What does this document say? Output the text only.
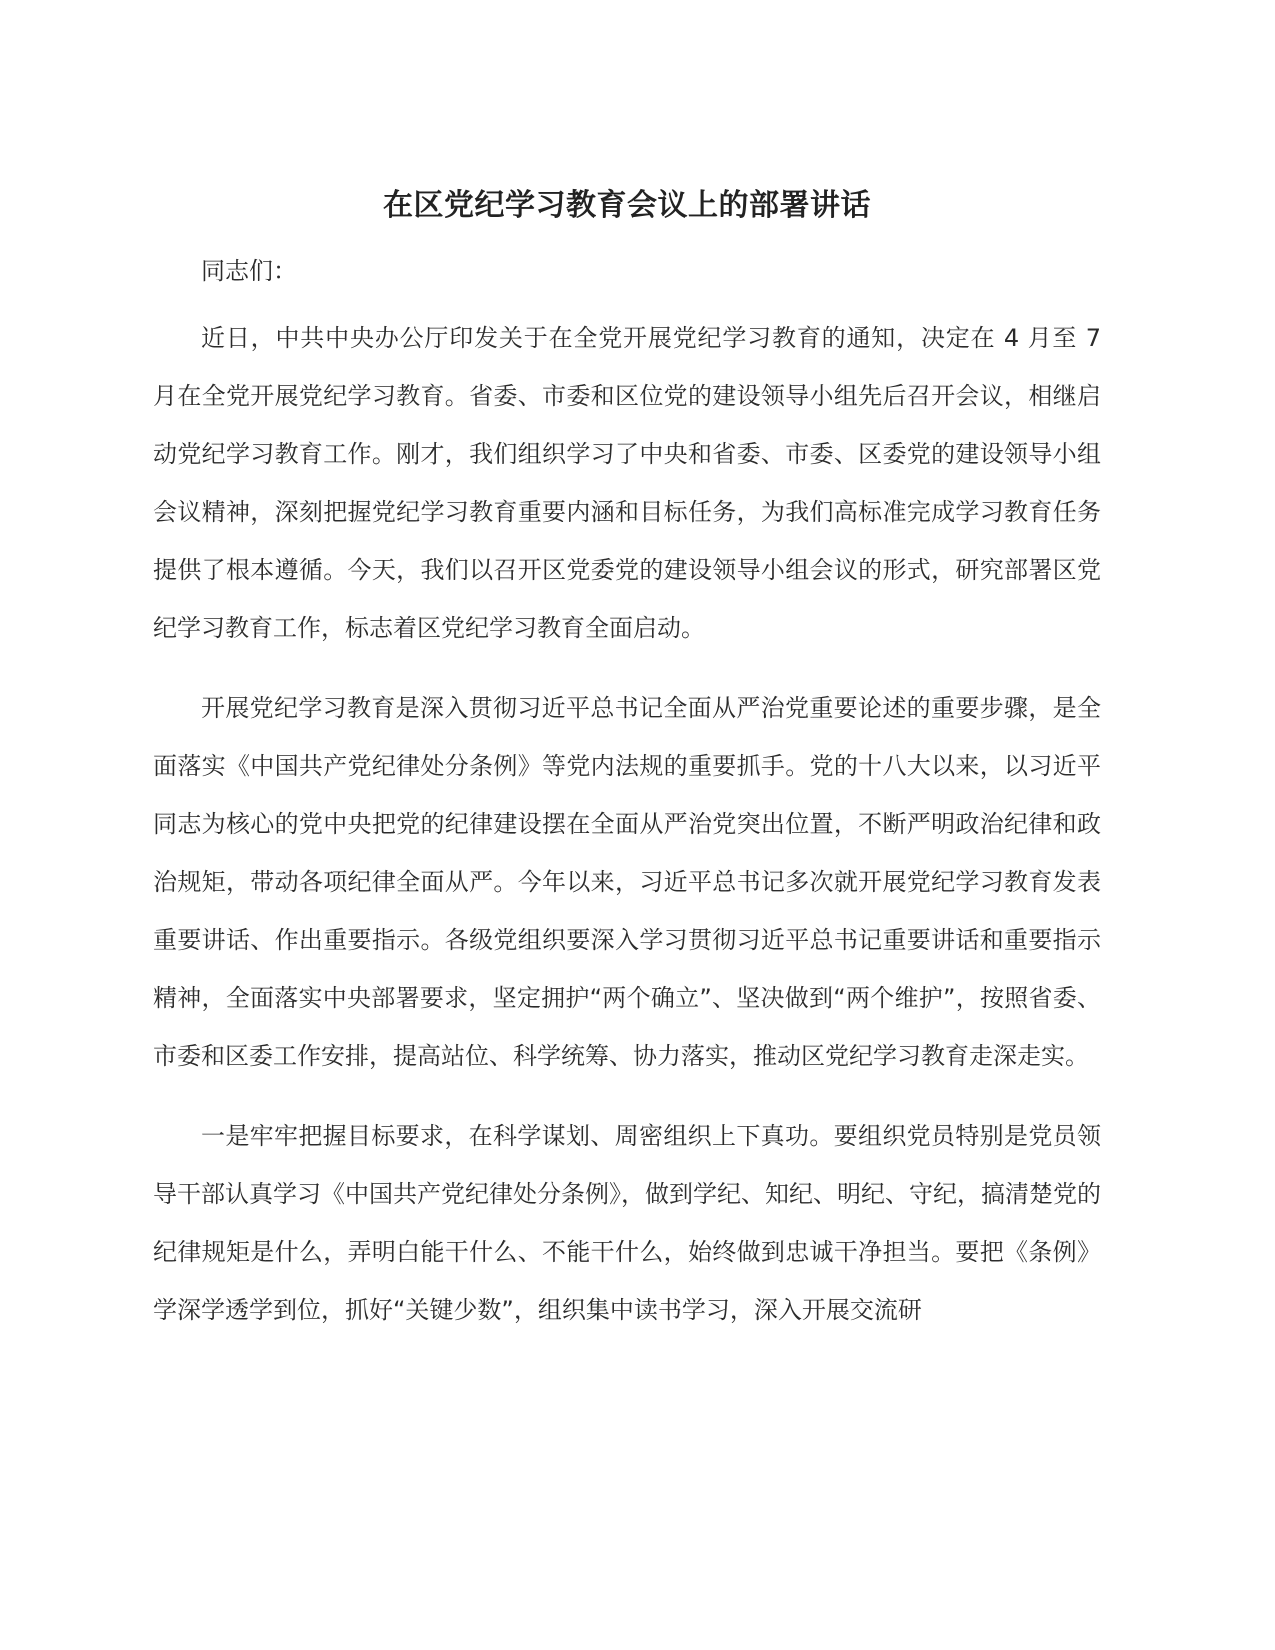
在区党纪学习教育会议上的部署讲话

同志们：

近日，中共中央办公厅印发关于在全党开展党纪学习教育的通知，决定在 4 月至 7 月在全党开展党纪学习教育。省委、市委和区位党的建设领导小组先后召开会议，相继启动党纪学习教育工作。刚才，我们组织学习了中央和省委、市委、区委党的建设领导小组会议精神，深刻把握党纪学习教育重要内涵和目标任务，为我们高标准完成学习教育任务提供了根本遵循。今天，我们以召开区党委党的建设领导小组会议的形式，研究部署区党纪学习教育工作，标志着区党纪学习教育全面启动。

开展党纪学习教育是深入贯彻习近平总书记全面从严治党重要论述的重要步骤，是全面落实《中国共产党纪律处分条例》等党内法规的重要抓手。党的十八大以来，以习近平同志为核心的党中央把党的纪律建设摆在全面从严治党突出位置，不断严明政治纪律和政治规矩，带动各项纪律全面从严。今年以来，习近平总书记多次就开展党纪学习教育发表重要讲话、作出重要指示。各级党组织要深入学习贯彻习近平总书记重要讲话和重要指示精神，全面落实中央部署要求，坚定拥护“两个确立”、坚决做到“两个维护”，按照省委、市委和区委工作安排，提高站位、科学统筹、协力落实，推动区党纪学习教育走深走实。

一是牢牢把握目标要求，在科学谋划、周密组织上下真功。要组织党员特别是党员领导干部认真学习《中国共产党纪律处分条例》，做到学纪、知纪、明纪、守纪，搞清楚党的纪律规矩是什么，弄明白能干什么、不能干什么，始终做到忠诚干净担当。要把《条例》学深学透学到位，抓好“关键少数”，组织集中读书学习，深入开展交流研
